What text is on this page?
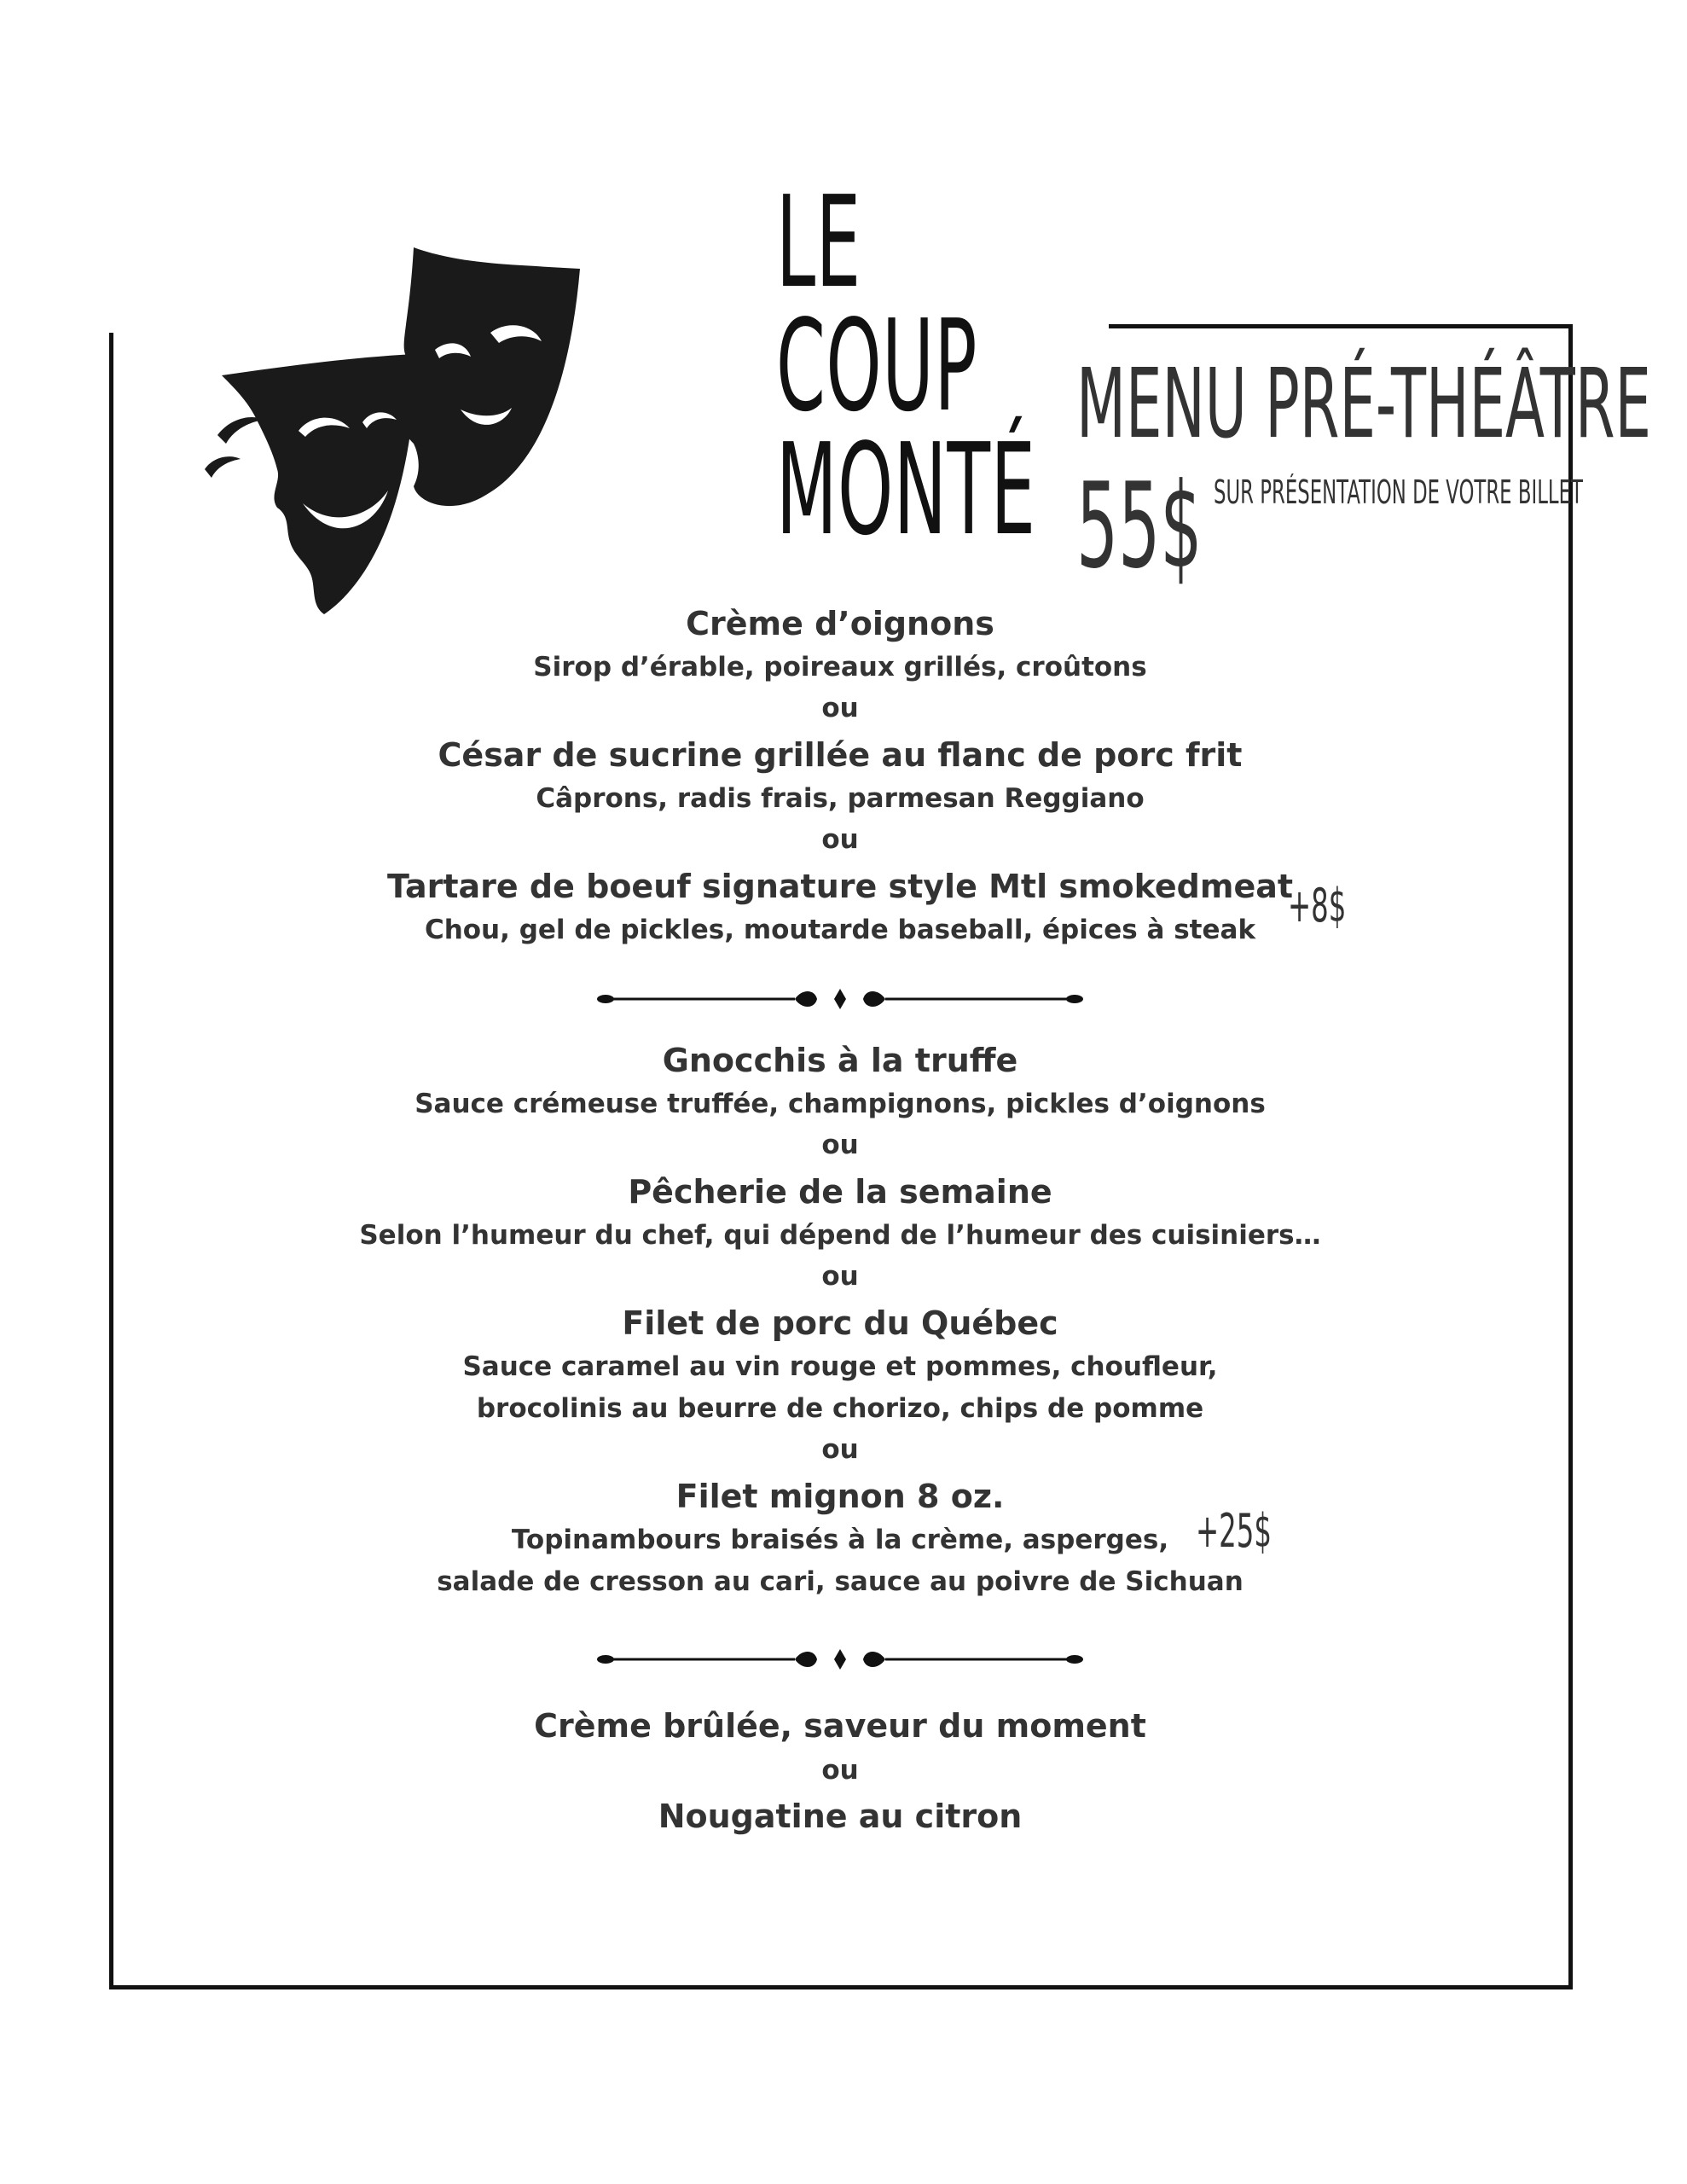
LE
COUP
MONTÉ
MENU PRÉ-THÉÂTRE
55$ SUR PRÉSENTATION DE VOTRE BILLET
Crème d’oignons
Sirop d’érable, poireaux grillés, croûtons
ou
César de sucrine grillée au flanc de porc frit
Câprons, radis frais, parmesan Reggiano
ou
Tartare de boeuf signature style Mtl smokedmeat
Chou, gel de pickles, moutarde baseball, épices à steak +8$
Gnocchis à la truffe
Sauce crémeuse truffée, champignons, pickles d’oignons
ou
Pêcherie de la semaine
Selon l’humeur du chef, qui dépend de l’humeur des cuisiniers…
ou
Filet de porc du Québec
Sauce caramel au vin rouge et pommes, choufleur,
brocolinis au beurre de chorizo, chips de pomme
ou
Filet mignon 8 oz.
Topinambours braisés à la crème, asperges,
salade de cresson au cari, sauce au poivre de Sichuan
+25$
Crème brûlée, saveur du moment
ou
Nougatine au citron
